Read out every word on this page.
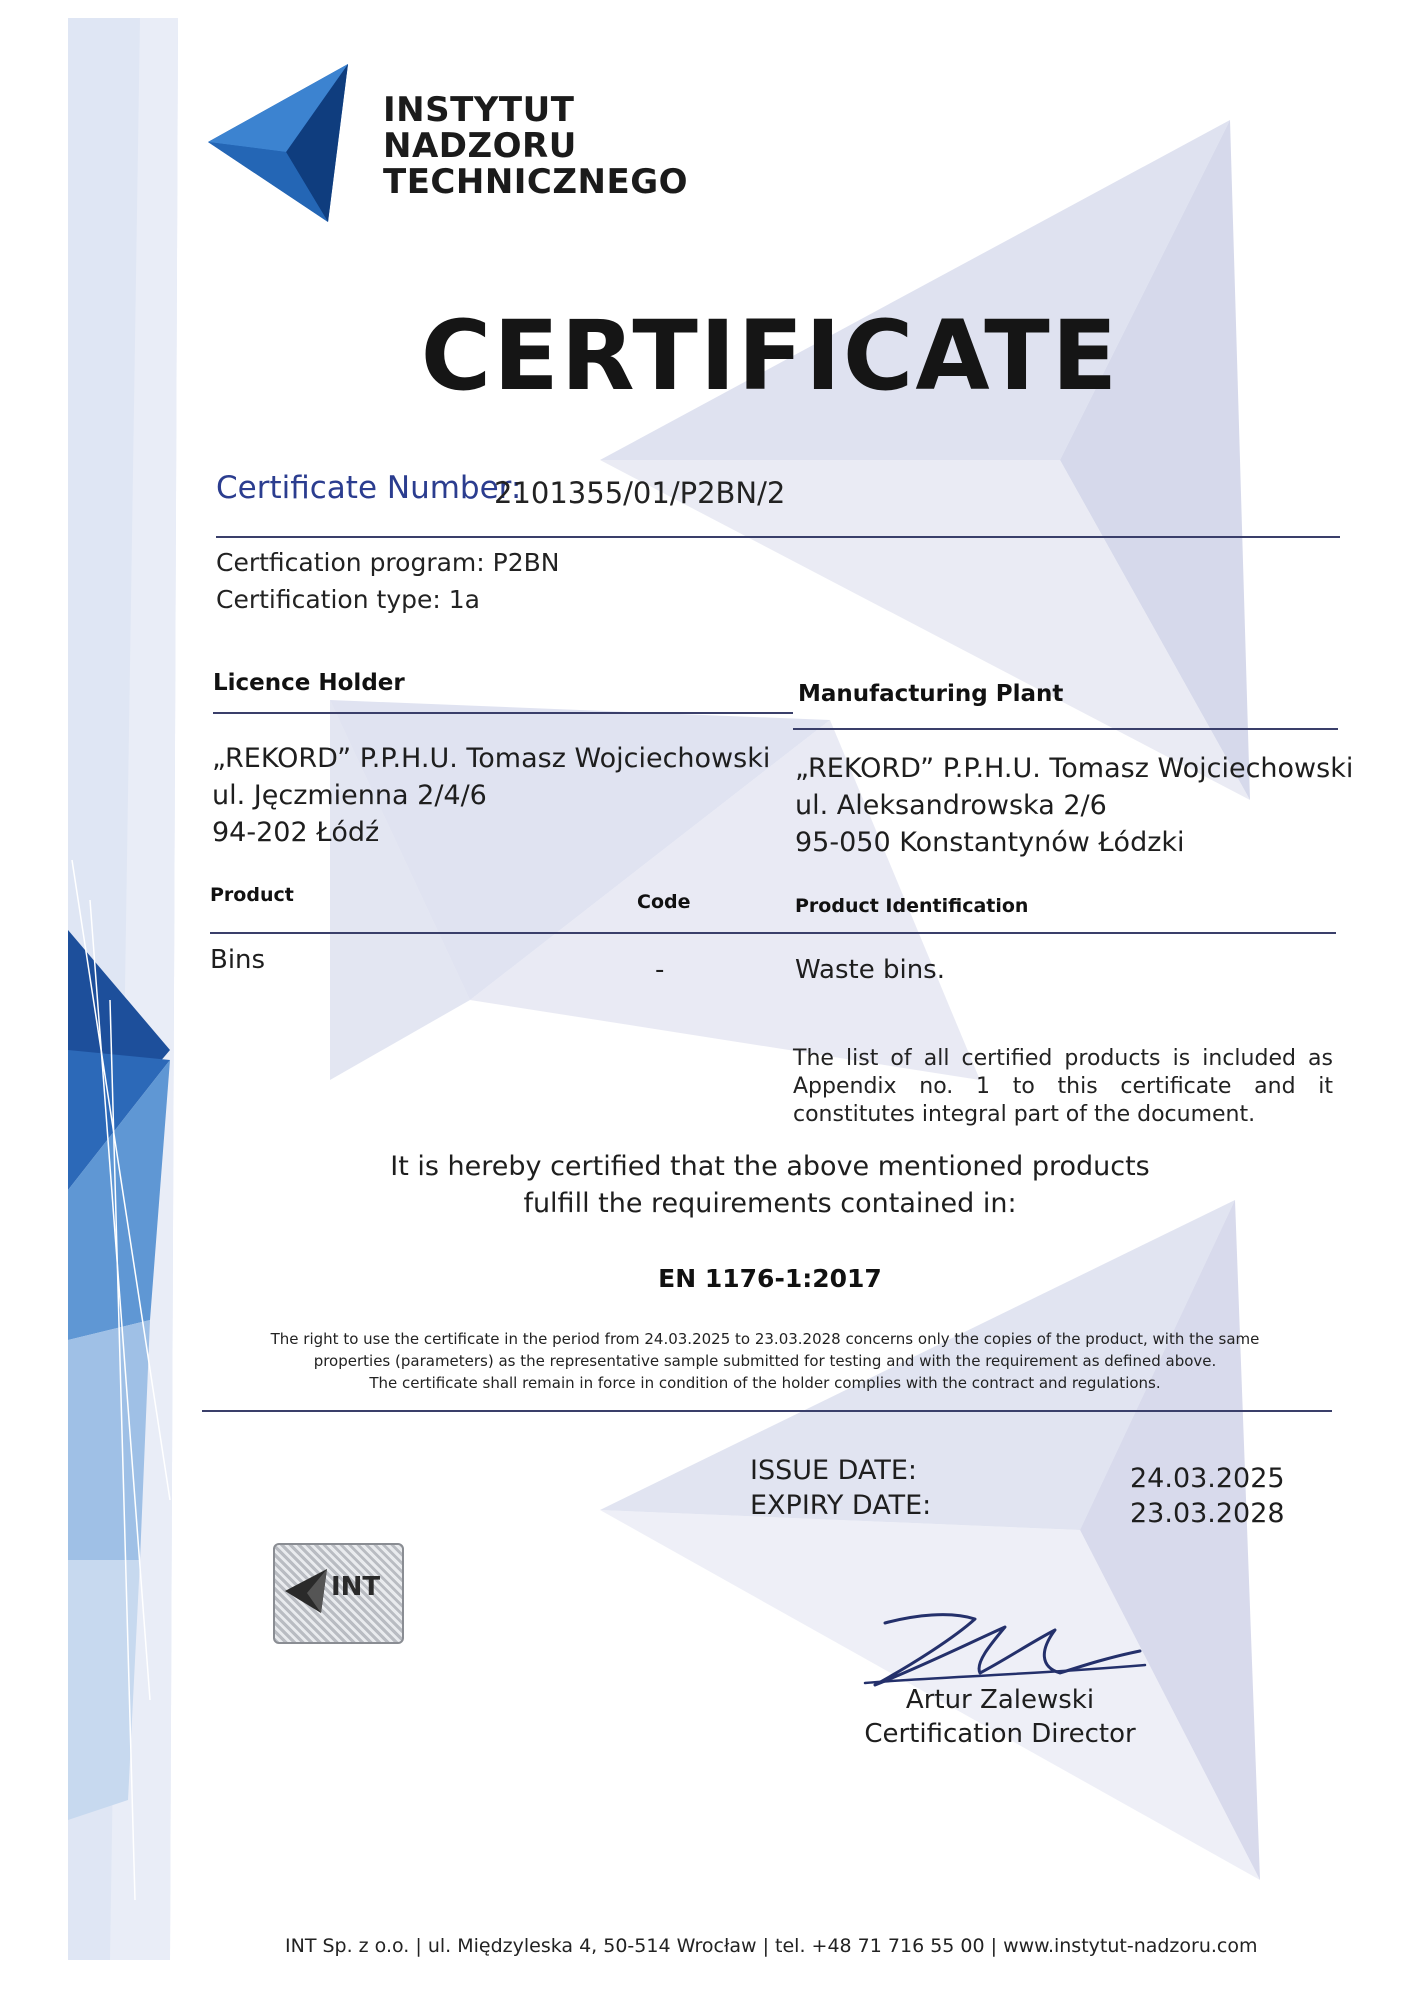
INSTYTUT
NADZORU
TECHNICZNEGO
CERTIFICATE
Certificate Number:
2101355/01/P2BN/2
Certfication program: P2BN
Certification type: 1a
Licence Holder
„REKORD” P.P.H.U. Tomasz Wojciechowski
ul. Jęczmienna 2/4/6
94-202 Łódź
Manufacturing Plant
„REKORD” P.P.H.U. Tomasz Wojciechowski
ul. Aleksandrowska 2/6
95-050 Konstantynów Łódzki
Product	Code	Product Identification
Bins	-	Waste bins.
The list of all certified products is included as Appendix no. 1 to this certificate and it constitutes integral part of the document.
It is hereby certified that the above mentioned products
fulfill the requirements contained in:
EN 1176-1:2017
The right to use the certificate in the period from 24.03.2025 to 23.03.2028 concerns only the copies of the product, with the same
properties (parameters) as the representative sample submitted for testing and with the requirement as defined above.
The certificate shall remain in force in condition of the holder complies with the contract and regulations.
ISSUE DATE:	24.03.2025
EXPIRY DATE:	23.03.2028
INT
Artur Zalewski
Certification Director
INT Sp. z o.o. | ul. Międzyleska 4, 50-514 Wrocław | tel. +48 71 716 55 00 | www.instytut-nadzoru.com
